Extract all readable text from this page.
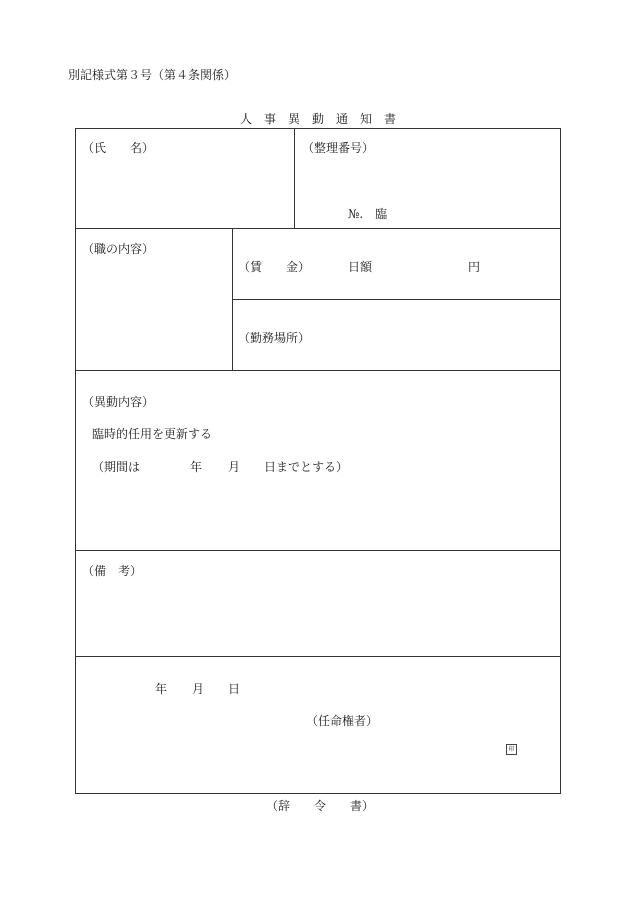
別記様式第３号（第４条関係）
人　事　異　動　通　知　書
（氏　　名）	（整理番号）
№.　臨
（職の内容）
（賃　　金）	日額	円
（勤務場所）
（異動内容）
臨時的任用を更新する
（期間は	年 月 日までとする）
（備　考）
年 月 日
（任命権者）
印
（辞　　令　　書）
